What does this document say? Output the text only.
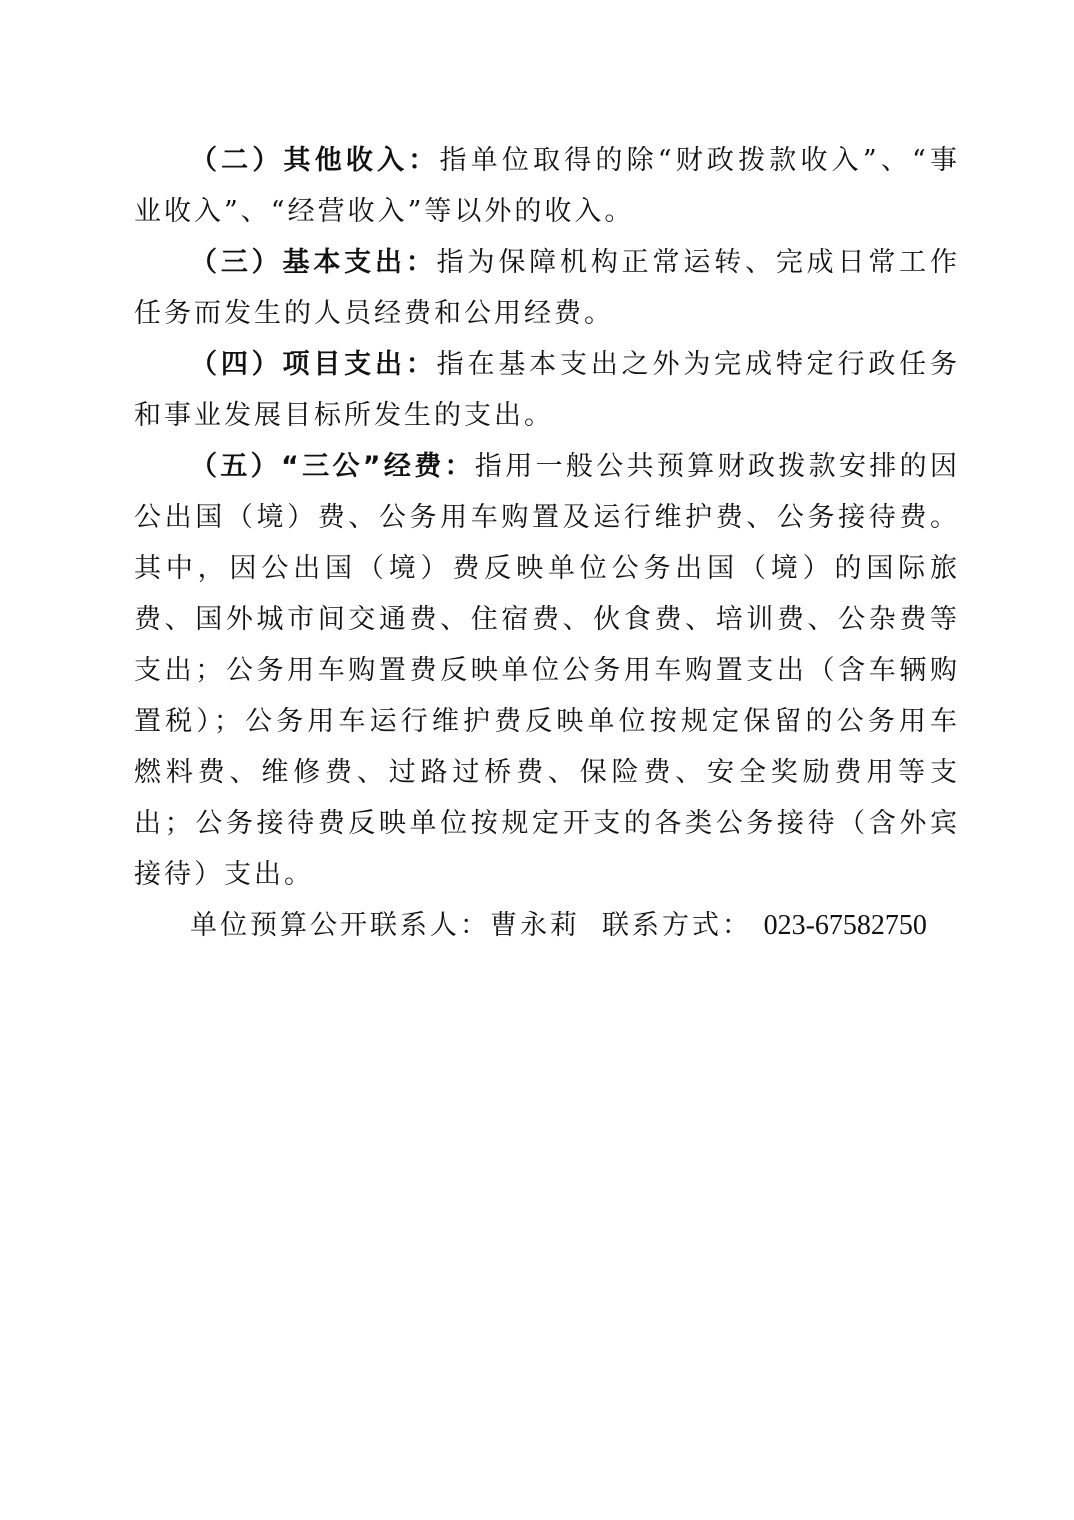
（二）其他收入：指单位取得的除“财政拨款收入”、“事业收入”、“经营收入”等以外的收入。

（三）基本支出：指为保障机构正常运转、完成日常工作任务而发生的人员经费和公用经费。

（四）项目支出：指在基本支出之外为完成特定行政任务和事业发展目标所发生的支出。

（五）“三公”经费：指用一般公共预算财政拨款安排的因公出国（境）费、公务用车购置及运行维护费、公务接待费。其中，因公出国（境）费反映单位公务出国（境）的国际旅费、国外城市间交通费、住宿费、伙食费、培训费、公杂费等支出；公务用车购置费反映单位公务用车购置支出（含车辆购置税）；公务用车运行维护费反映单位按规定保留的公务用车燃料费、维修费、过路过桥费、保险费、安全奖励费用等支出；公务接待费反映单位按规定开支的各类公务接待（含外宾接待）支出。

单位预算公开联系人：曹永莉 联系方式： 023-67582750
